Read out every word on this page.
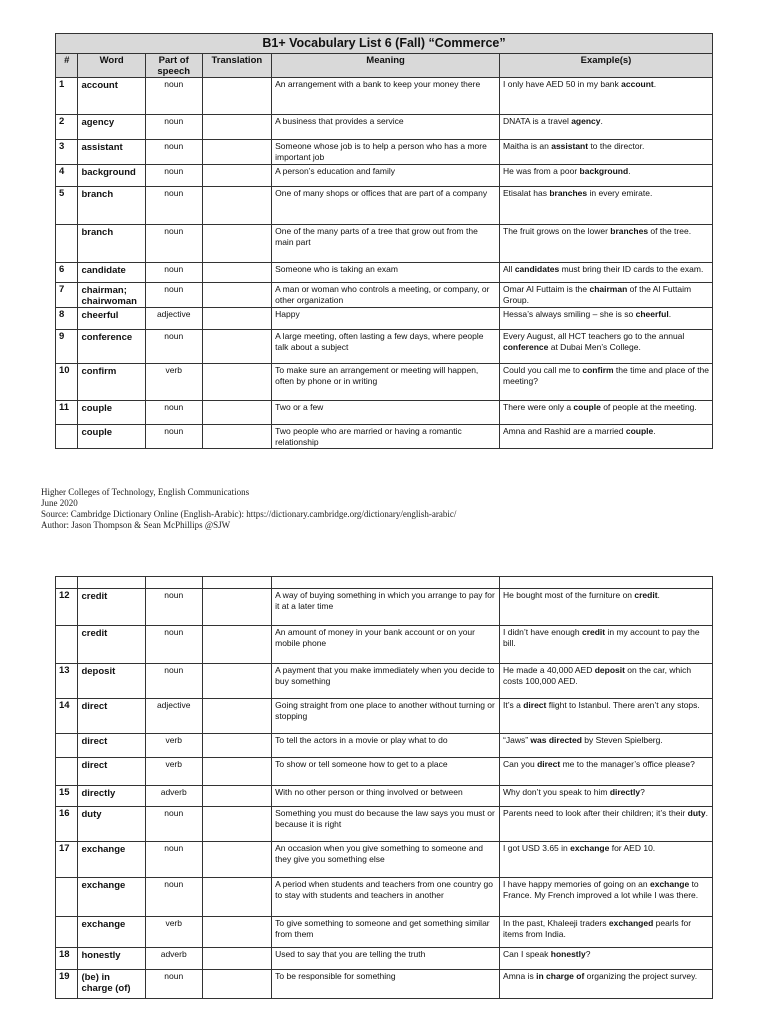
B1+ Vocabulary List 6 (Fall) “Commerce”					
#	Word	Part of speech	Translation	Meaning	Example(s)
1	account	noun		An arrangement with a bank to keep your money there	I only have AED 50 in my bank account.
2	agency	noun		A business that provides a service	DNATA is a travel agency.
3	assistant	noun		Someone whose job is to help a person who has a more important job	Maitha is an assistant to the director.
4	background	noun		A person’s education and family	He was from a poor background.
5	branch	noun		One of many shops or offices that are part of a company	Etisalat has branches in every emirate.
	branch	noun		One of the many parts of a tree that grow out from the main part	The fruit grows on the lower branches of the tree.
6	candidate	noun		Someone who is taking an exam	All candidates must bring their ID cards to the exam.
7	chairman; chairwoman	noun		A man or woman who controls a meeting, or company, or other organization	Omar Al Futtaim is the chairman of the Al Futtaim Group.
8	cheerful	adjective		Happy	Hessa’s always smiling – she is so cheerful.
9	conference	noun		A large meeting, often lasting a few days, where people talk about a subject	Every August, all HCT teachers go to the annual conference at Dubai Men’s College.
10	confirm	verb		To make sure an arrangement or meeting will happen, often by phone or in writing	Could you call me to confirm the time and place of the meeting?
11	couple	noun		Two or a few	There were only a couple of people at the meeting.
	couple	noun		Two people who are married or having a romantic relationship	Amna and Rashid are a married couple.
Higher Colleges of Technology, English Communications
June 2020
Source: Cambridge Dictionary Online (English-Arabic): https://dictionary.cambridge.org/dictionary/english-arabic/
Author: Jason Thompson & Sean McPhillips @SJW

12	credit	noun		A way of buying something in which you arrange to pay for it at a later time	He bought most of the furniture on credit.
	credit	noun		An amount of money in your bank account or on your mobile phone	I didn’t have enough credit in my account to pay the bill.
13	deposit	noun		A payment that you make immediately when you decide to buy something	He made a 40,000 AED deposit on the car, which costs 100,000 AED.
14	direct	adjective		Going straight from one place to another without turning or stopping	It’s a direct flight to Istanbul. There aren’t any stops.
	direct	verb		To tell the actors in a movie or play what to do	“Jaws” was directed by Steven Spielberg.
	direct	verb		To show or tell someone how to get to a place	Can you direct me to the manager’s office please?
15	directly	adverb		With no other person or thing involved or between	Why don’t you speak to him directly?
16	duty	noun		Something you must do because the law says you must or because it is right	Parents need to look after their children; it’s their duty.
17	exchange	noun		An occasion when you give something to someone and they give you something else	I got USD 3.65 in exchange for AED 10.
	exchange	noun		A period when students and teachers from one country go to stay with students and teachers in another	I have happy memories of going on an exchange to France. My French improved a lot while I was there.
	exchange	verb		To give something to someone and get something similar from them	In the past, Khaleeji traders exchanged pearls for items from India.
18	honestly	adverb		Used to say that you are telling the truth	Can I speak honestly?
19	(be) in charge (of)	noun		To be responsible for something	Amna is in charge of organizing the project survey.
